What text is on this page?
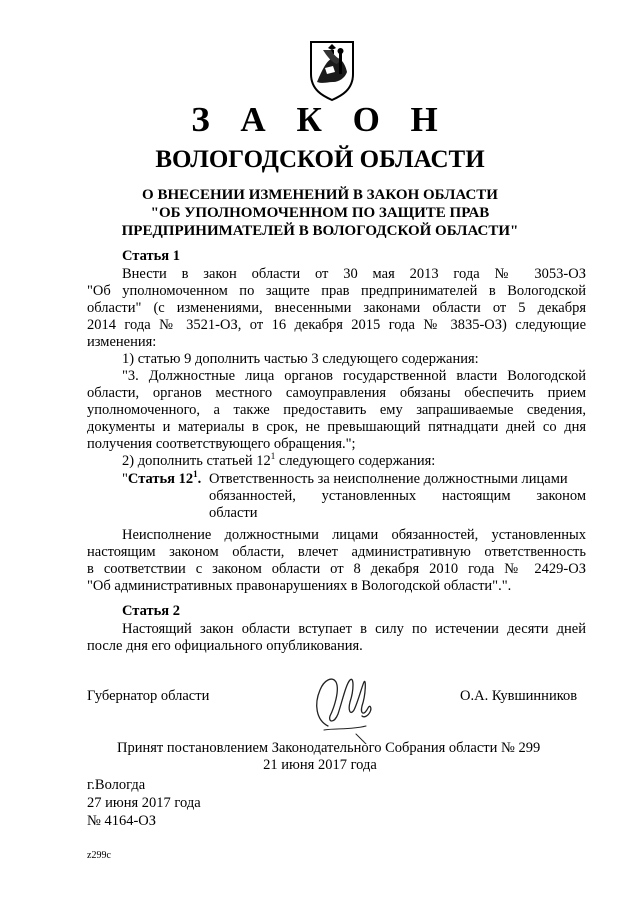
З А К О Н
ВОЛОГОДСКОЙ ОБЛАСТИ
О ВНЕСЕНИИ ИЗМЕНЕНИЙ В ЗАКОН ОБЛАСТИ
"ОБ УПОЛНОМОЧЕННОМ ПО ЗАЩИТЕ ПРАВ
ПРЕДПРИНИМАТЕЛЕЙ В ВОЛОГОДСКОЙ ОБЛАСТИ"
Статья 1
Внести в закон области от 30 мая 2013 года № 3053-ОЗ
"Об уполномоченном по защите прав предпринимателей в Вологодской
области" (с изменениями, внесенными законами области от 5 декабря
2014 года № 3521-ОЗ, от 16 декабря 2015 года № 3835-ОЗ) следующие
изменения:
1) статью 9 дополнить частью 3 следующего содержания:
"3. Должностные лица органов государственной власти Вологодской
области, органов местного самоуправления обязаны обеспечить прием
уполномоченного, а также предоставить ему запрашиваемые сведения,
документы и материалы в срок, не превышающий пятнадцати дней со дня
получения соответствующего обращения.";
2) дополнить статьей $12^1$ следующего содержания:
"Статья $12^1$. Ответственность за неисполнение должностными лицами
обязанностей, установленных настоящим законом
области
Неисполнение должностными лицами обязанностей, установленных
настоящим законом области, влечет административную ответственность
в соответствии с законом области от 8 декабря 2010 года № 2429-ОЗ
"Об административных правонарушениях в Вологодской области".".
Статья 2
Настоящий закон области вступает в силу по истечении десяти дней
после дня его официального опубликования.
Губернатор области	О.А. Кувшинников
Принят постановлением Законодательного Собрания области № 299
21 июня 2017 года
г.Вологда
27 июня 2017 года
№ 4164-ОЗ
z299c
